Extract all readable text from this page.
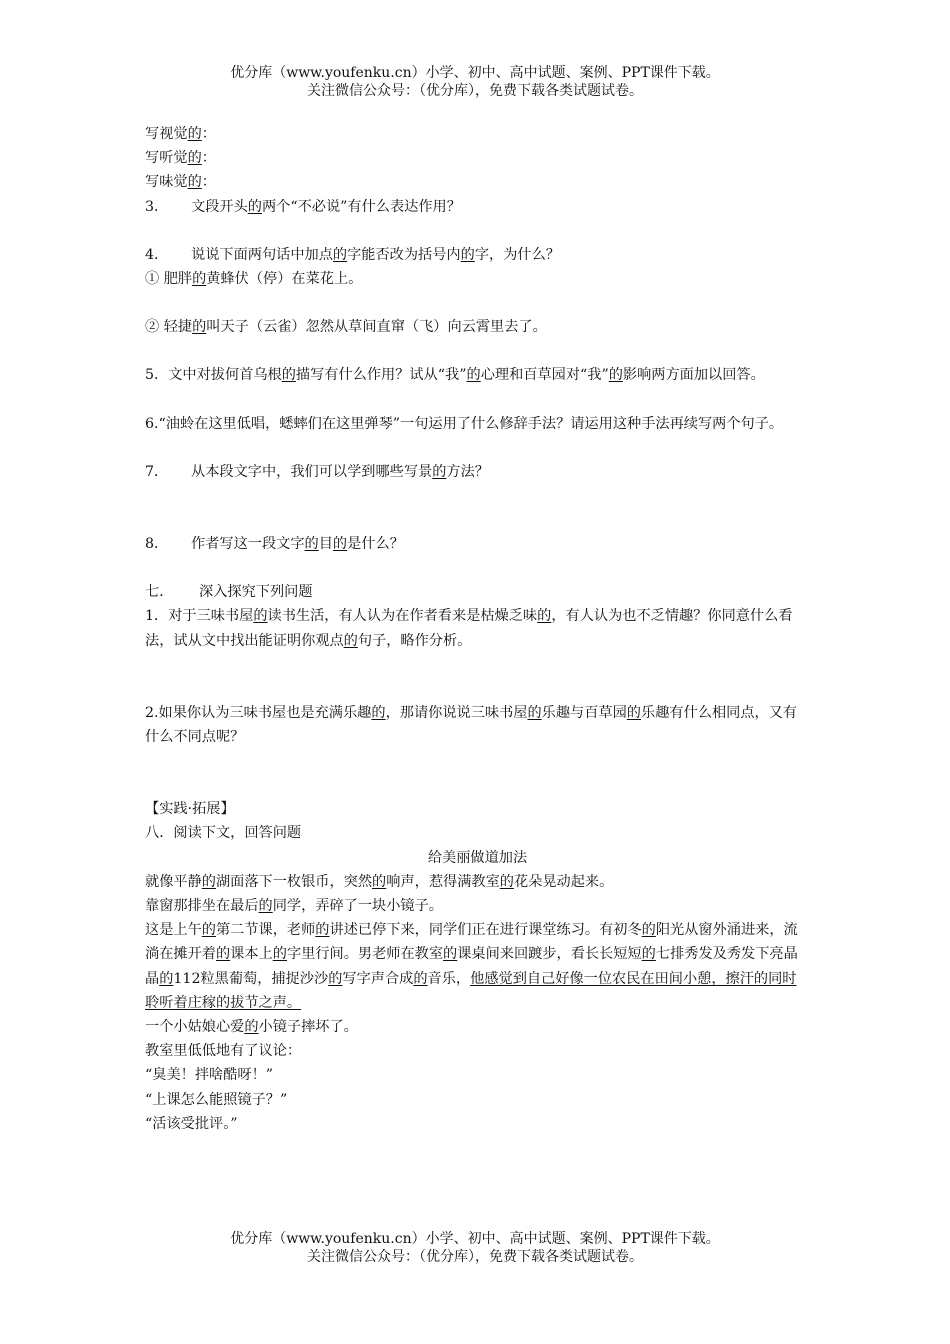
优分库（www.youfenku.cn）小学、初中、高中试题、案例、PPT课件下载。
关注微信公众号：（优分库），免费下载各类试题试卷。

写视觉的：

写听觉的：

写味觉的：

3． 文段开头的两个“不必说”有什么表达作用？

4． 说说下面两句话中加点的字能否改为括号内的字，为什么？

① 肥胖的黄蜂伏（停）在菜花上。

② 轻捷的叫天子（云雀）忽然从草间直窜（飞）向云霄里去了。

5．文中对拔何首乌根的描写有什么作用？试从“我”的心理和百草园对“我”的影响两方面加以回答。

6.“油蛉在这里低唱，蟋蟀们在这里弹琴”一句运用了什么修辞手法？请运用这种手法再续写两个句子。

7． 从本段文字中，我们可以学到哪些写景的方法？

8． 作者写这一段文字的目的是什么？

七． 深入探究下列问题

1．对于三味书屋的读书生活，有人认为在作者看来是枯燥乏味的，有人认为也不乏情趣？你同意什么看法，试从文中找出能证明你观点的句子，略作分析。

2.如果你认为三味书屋也是充满乐趣的，那请你说说三味书屋的乐趣与百草园的乐趣有什么相同点，又有什么不同点呢？

【实践·拓展】

八．阅读下文，回答问题

给美丽做道加法

就像平静的湖面落下一枚银币，突然的响声，惹得满教室的花朵晃动起来。

靠窗那排坐在最后的同学，弄碎了一块小镜子。

这是上午的第二节课，老师的讲述已停下来，同学们正在进行课堂练习。有初冬的阳光从窗外涌进来，流淌在摊开着的课本上的字里行间。男老师在教室的课桌间来回踱步，看长长短短的七排秀发及秀发下亮晶晶的112粒黑葡萄，捕捉沙沙的写字声合成的音乐，他感觉到自己好像一位农民在田间小憩，擦汗的同时聆听着庄稼的拔节之声。

一个小姑娘心爱的小镜子摔坏了。

教室里低低地有了议论：

“臭美！拌啥酷呀！”

“上课怎么能照镜子？”

“活该受批评。”

优分库（www.youfenku.cn）小学、初中、高中试题、案例、PPT课件下载。
关注微信公众号：（优分库），免费下载各类试题试卷。
